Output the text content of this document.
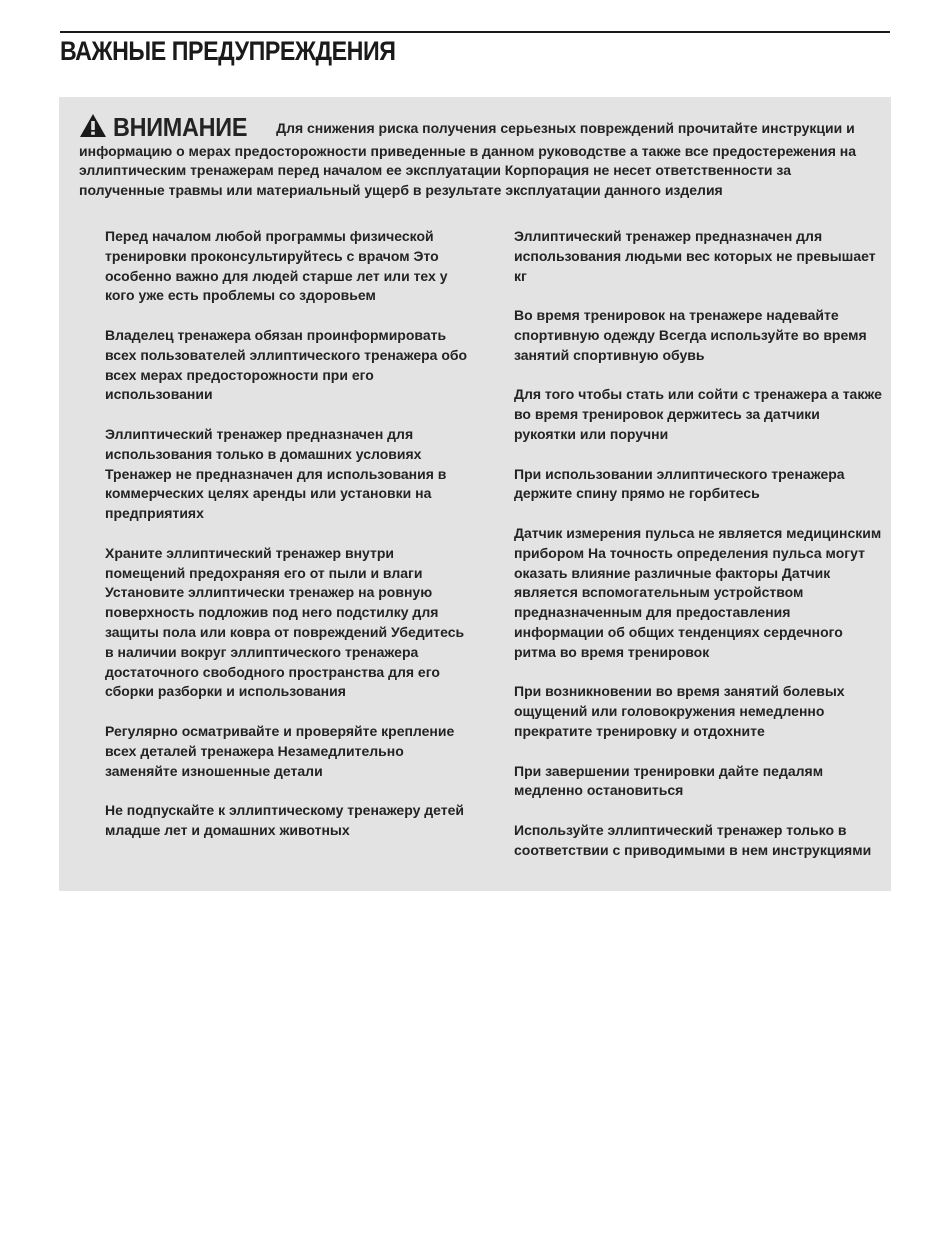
ВАЖНЫЕ ПРЕДУПРЕЖДЕНИЯ

ВНИМАНИЕ Для снижения риска получения серьезных повреждений прочитайте инструкции и информацию о мерах предосторожности приведенные в данном руководстве а также все предостережения на эллиптическим тренажерам перед началом ее эксплуатации Корпорация не несет ответственности за полученные травмы или материальный ущерб в результате эксплуатации данного изделия

Перед началом любой программы физической тренировки проконсультируйтесь с врачом Это особенно важно для людей старше лет или тех у кого уже есть проблемы со здоровьем
Владелец тренажера обязан проинформировать всех пользователей эллиптического тренажера обо всех мерах предосторожности при его использовании
Эллиптический тренажер предназначен для использования только в домашних условиях Тренажер не предназначен для использования в коммерческих целях аренды или установки на предприятиях
Храните эллиптический тренажер внутри помещений предохраняя его от пыли и влаги Установите эллиптически тренажер на ровную поверхность подложив под него подстилку для защиты пола или ковра от повреждений Убедитесь в наличии вокруг эллиптического тренажера достаточного свободного пространства для его сборки разборки и использования
Регулярно осматривайте и проверяйте крепление всех деталей тренажера Незамедлительно заменяйте изношенные детали
Не подпускайте к эллиптическому тренажеру детей младше лет и домашних животных
Эллиптический тренажер предназначен для использования людьми вес которых не превышает кг
Во время тренировок на тренажере надевайте спортивную одежду Всегда используйте во время занятий спортивную обувь
Для того чтобы стать или сойти с тренажера а также во время тренировок держитесь за датчики рукоятки или поручни
При использовании эллиптического тренажера держите спину прямо не горбитесь
Датчик измерения пульса не является медицинским прибором На точность определения пульса могут оказать влияние различные факторы Датчик является вспомогательным устройством предназначенным для предоставления информации об общих тенденциях сердечного ритма во время тренировок
При возникновении во время занятий болевых ощущений или головокружения немедленно прекратите тренировку и отдохните
При завершении тренировки дайте педалям медленно остановиться
Используйте эллиптический тренажер только в соответствии с приводимыми в нем инструкциями
